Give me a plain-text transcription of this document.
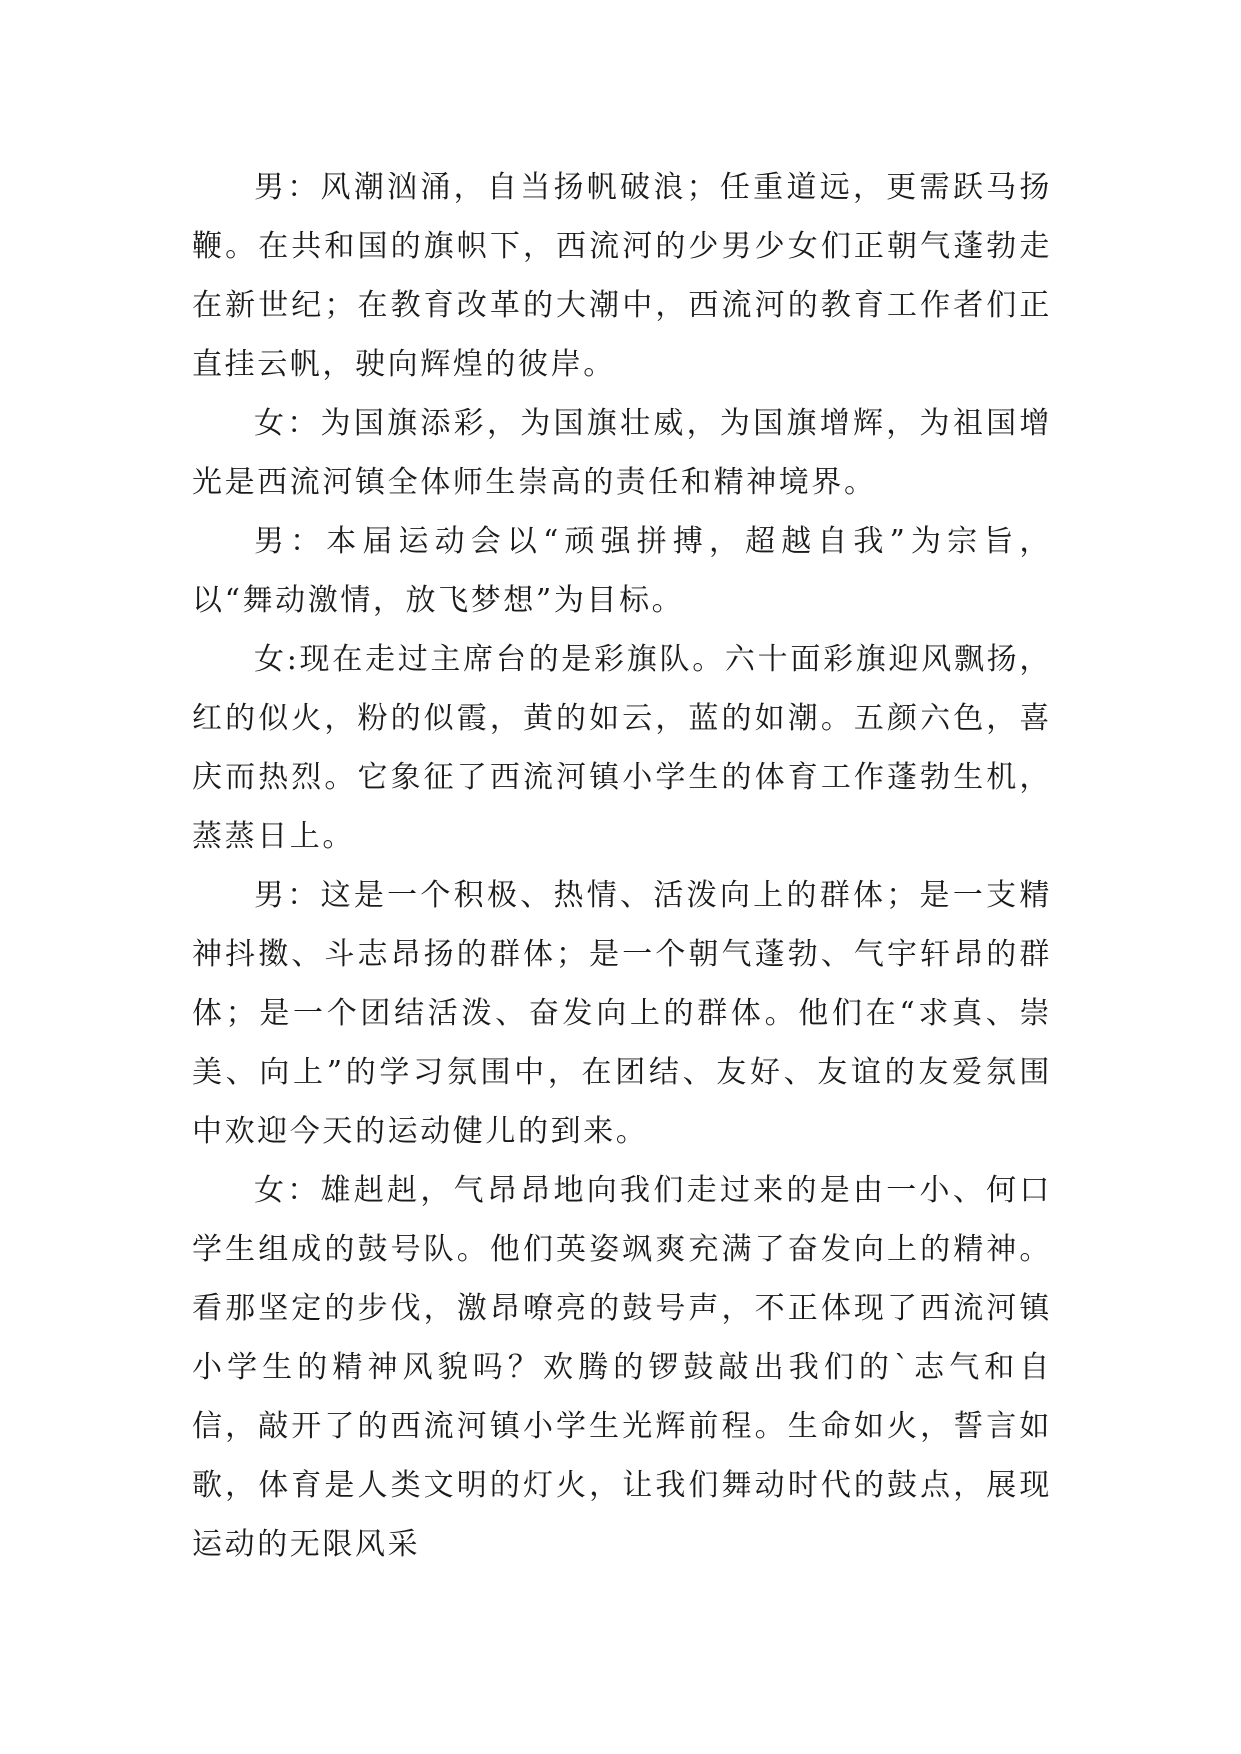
男：风潮汹涌，自当扬帆破浪；任重道远，更需跃马扬鞭。在共和国的旗帜下，西流河的少男少女们正朝气蓬勃走在新世纪；在教育改革的大潮中，西流河的教育工作者们正直挂云帆，驶向辉煌的彼岸。

女：为国旗添彩，为国旗壮威，为国旗增辉，为祖国增光是西流河镇全体师生崇高的责任和精神境界。

男：本届运动会以“顽强拼搏，超越自我”为宗旨，以“舞动激情，放飞梦想”为目标。

女:现在走过主席台的是彩旗队。六十面彩旗迎风飘扬，红的似火，粉的似霞，黄的如云，蓝的如潮。五颜六色，喜庆而热烈。它象征了西流河镇小学生的体育工作蓬勃生机，蒸蒸日上。

男：这是一个积极、热情、活泼向上的群体；是一支精神抖擞、斗志昂扬的群体；是一个朝气蓬勃、气宇轩昂的群体；是一个团结活泼、奋发向上的群体。他们在“求真、崇美、向上”的学习氛围中，在团结、友好、友谊的友爱氛围中欢迎今天的运动健儿的到来。

女：雄赳赳，气昂昂地向我们走过来的是由一小、何口学生组成的鼓号队。他们英姿飒爽充满了奋发向上的精神。看那坚定的步伐，激昂嘹亮的鼓号声，不正体现了西流河镇小学生的精神风貌吗？欢腾的锣鼓敲出我们的`志气和自信，敲开了的西流河镇小学生光辉前程。生命如火，誓言如歌，体育是人类文明的灯火，让我们舞动时代的鼓点，展现运动的无限风采
